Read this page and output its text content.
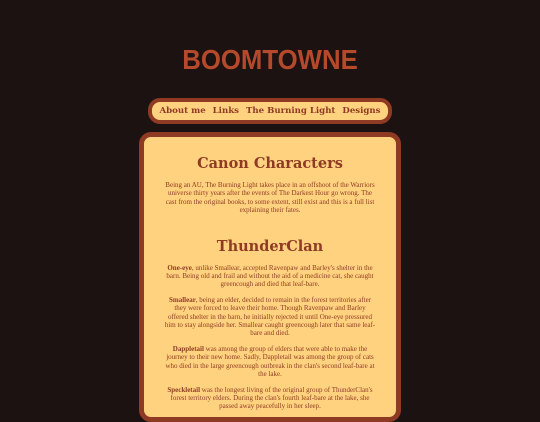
BOOMTOWNE
About me Links The Burning Light Designs
Canon Characters

Being an AU, The Burning Light takes place in an offshoot of the Warriors universe thirty years after the events of The Darkest Hour go wrong. The cast from the original books, to some extent, still exist and this is a full list explaining their fates.

ThunderClan

One-eye, unlike Smallear, accepted Ravenpaw and Barley's shelter in the barn. Being old and frail and without the aid of a medicine cat, she caught greencough and died that leaf-bare.

Smallear, being an elder, decided to remain in the forest territories after they were forced to leave their home. Though Ravenpaw and Barley offered shelter in the barn, he initially rejected it until One-eye pressured him to stay alongside her. Smallear caught greencough later that same leaf-bare and died.

Dappletail was among the group of elders that were able to make the journey to their new home. Sadly, Dappletail was among the group of cats who died in the large greencough outbreak in the clan's second leaf-bare at the lake.

Speckletail was the longest living of the original group of ThunderClan's forest territory elders. During the clan's fourth leaf-bare at the lake, she passed away peacefully in her sleep.
